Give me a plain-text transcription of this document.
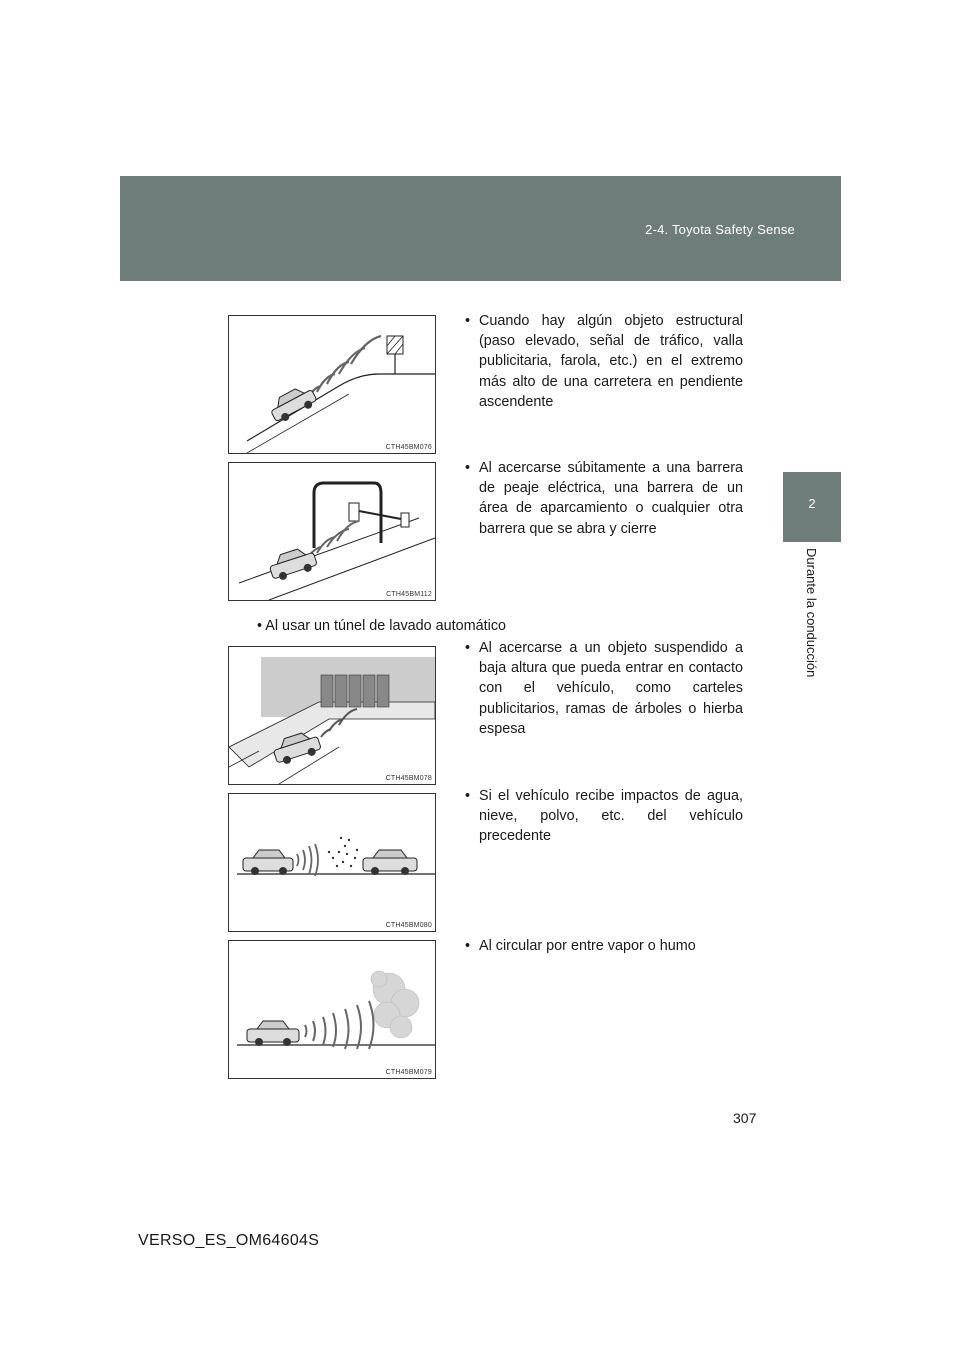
2-4. Toyota Safety Sense
2
Durante la conducción
CTH45BM076
• Cuando hay algún objeto estructural (paso elevado, señal de tráfico, valla publicitaria, farola, etc.) en el extremo más alto de una carretera en pendiente ascendente
CTH45BM112
• Al acercarse súbitamente a una barrera de peaje eléctrica, una barrera de un área de aparcamiento o cualquier otra barrera que se abra y cierre
• Al usar un túnel de lavado automático
CTH45BM078
• Al acercarse a un objeto suspendido a baja altura que pueda entrar en contacto con el vehículo, como carteles publicitarios, ramas de árboles o hierba espesa
CTH45BM080
• Si el vehículo recibe impactos de agua, nieve, polvo, etc. del vehículo precedente
CTH45BM079
• Al circular por entre vapor o humo
307
VERSO_ES_OM64604S
